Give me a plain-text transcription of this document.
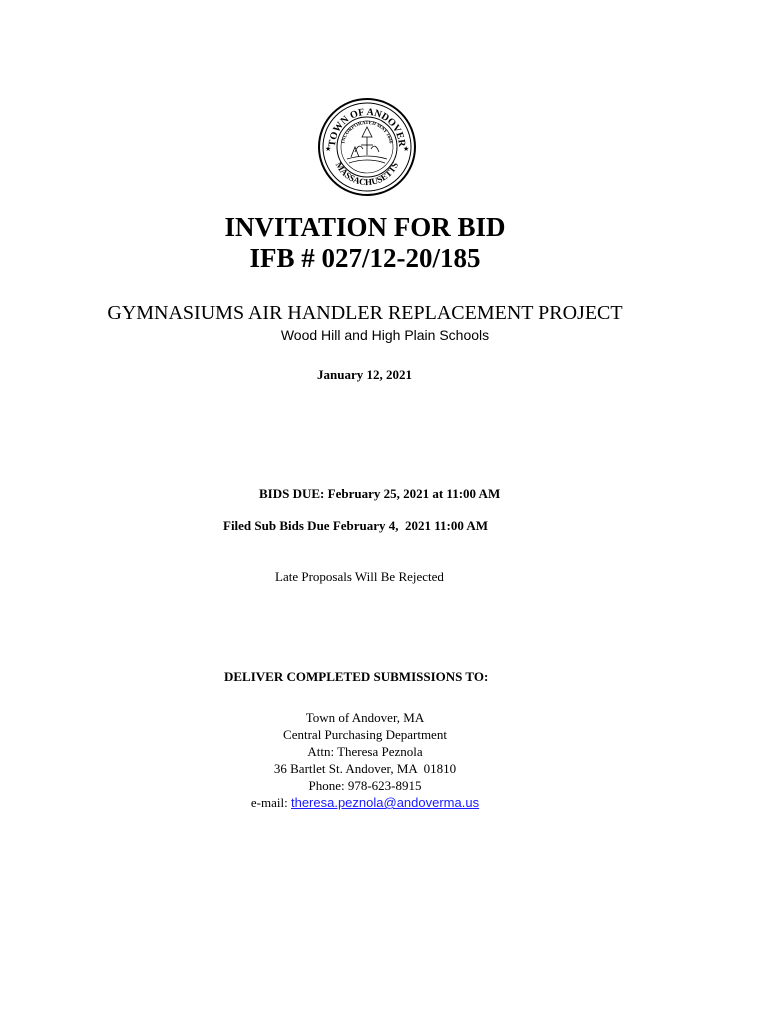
TOWN OF ANDOVER
INCORPORATED MAY 1646
MASSACHUSETTS
★	★
INVITATION FOR BID
IFB # 027/12-20/185
GYMNASIUMS AIR HANDLER REPLACEMENT PROJECT
Wood Hill and High Plain Schools
January 12, 2021
BIDS DUE: February 25, 2021 at 11:00 AM
Filed Sub Bids Due February 4,  2021 11:00 AM
Late Proposals Will Be Rejected
DELIVER COMPLETED SUBMISSIONS TO:
Town of Andover, MA
Central Purchasing Department
Attn: Theresa Peznola
36 Bartlet St. Andover, MA  01810
Phone: 978-623-8915
e-mail: theresa.peznola@andoverma.us
